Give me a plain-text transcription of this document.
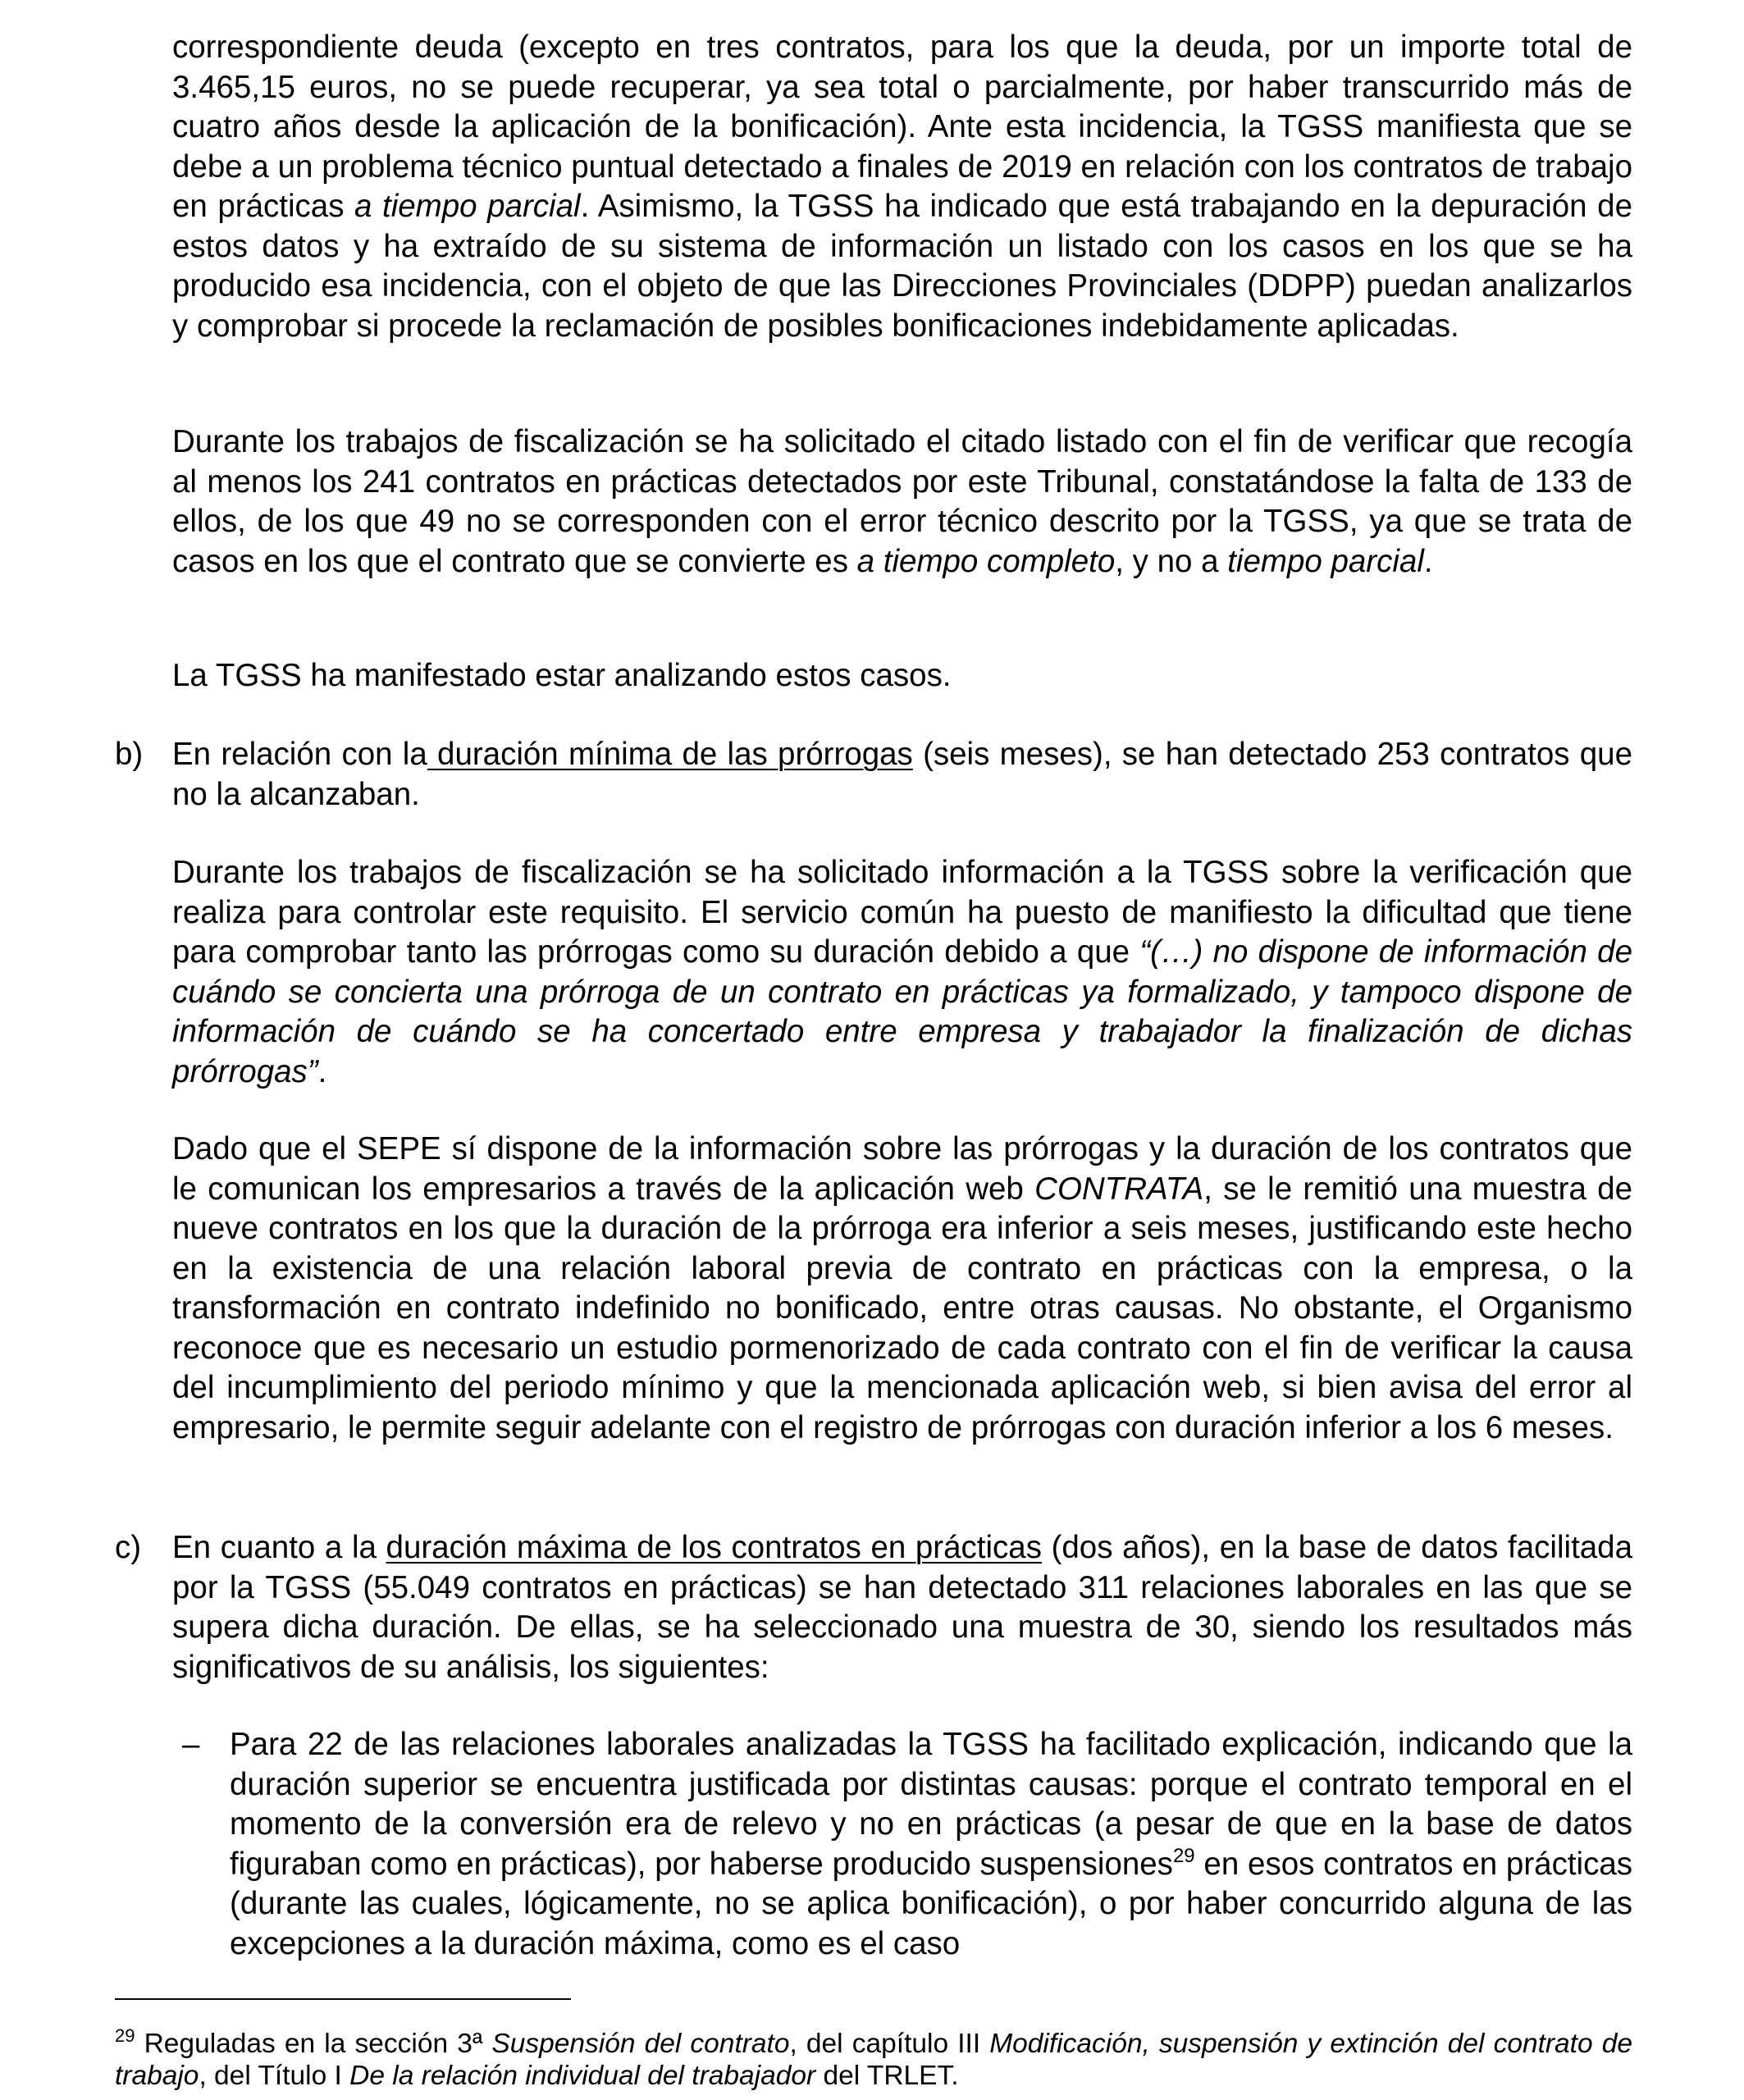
correspondiente deuda (excepto en tres contratos, para los que la deuda, por un importe total de 3.465,15 euros, no se puede recuperar, ya sea total o parcialmente, por haber transcurrido más de cuatro años desde la aplicación de la bonificación). Ante esta incidencia, la TGSS manifiesta que se debe a un problema técnico puntual detectado a finales de 2019 en relación con los contratos de trabajo en prácticas a tiempo parcial. Asimismo, la TGSS ha indicado que está trabajando en la depuración de estos datos y ha extraído de su sistema de información un listado con los casos en los que se ha producido esa incidencia, con el objeto de que las Direcciones Provinciales (DDPP) puedan analizarlos y comprobar si procede la reclamación de posibles bonificaciones indebidamente aplicadas.

Durante los trabajos de fiscalización se ha solicitado el citado listado con el fin de verificar que recogía al menos los 241 contratos en prácticas detectados por este Tribunal, constatándose la falta de 133 de ellos, de los que 49 no se corresponden con el error técnico descrito por la TGSS, ya que se trata de casos en los que el contrato que se convierte es a tiempo completo, y no a tiempo parcial.

La TGSS ha manifestado estar analizando estos casos.

b) En relación con la duración mínima de las prórrogas (seis meses), se han detectado 253 contratos que no la alcanzaban.

Durante los trabajos de fiscalización se ha solicitado información a la TGSS sobre la verificación que realiza para controlar este requisito. El servicio común ha puesto de manifiesto la dificultad que tiene para comprobar tanto las prórrogas como su duración debido a que “(…) no dispone de información de cuándo se concierta una prórroga de un contrato en prácticas ya formalizado, y tampoco dispone de información de cuándo se ha concertado entre empresa y trabajador la finalización de dichas prórrogas”.

Dado que el SEPE sí dispone de la información sobre las prórrogas y la duración de los contratos que le comunican los empresarios a través de la aplicación web CONTRATA, se le remitió una muestra de nueve contratos en los que la duración de la prórroga era inferior a seis meses, justificando este hecho en la existencia de una relación laboral previa de contrato en prácticas con la empresa, o la transformación en contrato indefinido no bonificado, entre otras causas. No obstante, el Organismo reconoce que es necesario un estudio pormenorizado de cada contrato con el fin de verificar la causa del incumplimiento del periodo mínimo y que la mencionada aplicación web, si bien avisa del error al empresario, le permite seguir adelante con el registro de prórrogas con duración inferior a los 6 meses.

c) En cuanto a la duración máxima de los contratos en prácticas (dos años), en la base de datos facilitada por la TGSS (55.049 contratos en prácticas) se han detectado 311 relaciones laborales en las que se supera dicha duración. De ellas, se ha seleccionado una muestra de 30, siendo los resultados más significativos de su análisis, los siguientes:

– Para 22 de las relaciones laborales analizadas la TGSS ha facilitado explicación, indicando que la duración superior se encuentra justificada por distintas causas: porque el contrato temporal en el momento de la conversión era de relevo y no en prácticas (a pesar de que en la base de datos figuraban como en prácticas), por haberse producido suspensiones$^{29}$ en esos contratos en prácticas (durante las cuales, lógicamente, no se aplica bonificación), o por haber concurrido alguna de las excepciones a la duración máxima, como es el caso

$^{29}$ Reguladas en la sección 3ª Suspensión del contrato, del capítulo III Modificación, suspensión y extinción del contrato de trabajo, del Título I De la relación individual del trabajador del TRLET.
